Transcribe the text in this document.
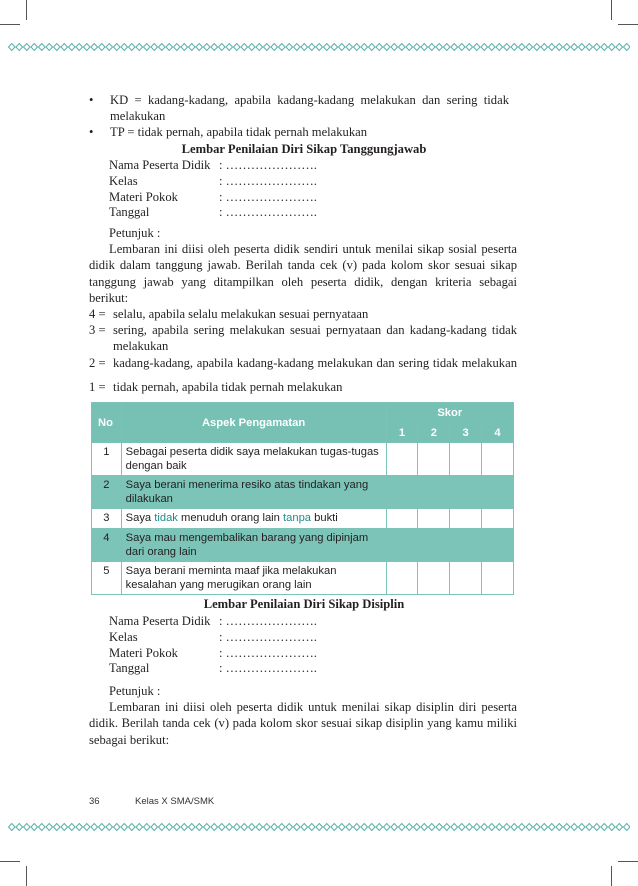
• KD = kadang-kadang, apabila kadang-kadang melakukan dan sering tidak melakukan
• TP = tidak pernah, apabila tidak pernah melakukan
Lembar Penilaian Diri Sikap Tanggungjawab
Nama Peserta Didik : ………………….
Kelas	: ………………….
Materi Pokok	: ………………….
Tanggal	: ………………….
Petunjuk :
Lembaran ini diisi oleh peserta didik sendiri untuk menilai sikap sosial peserta didik dalam tanggung jawab. Berilah tanda cek (v) pada kolom skor sesuai sikap tanggung jawab yang ditampilkan oleh peserta didik, dengan kriteria sebagai berikut:
4 = selalu, apabila selalu melakukan sesuai pernyataan
3 = sering, apabila sering melakukan sesuai pernyataan dan kadang-kadang tidak melakukan
2 = kadang-kadang, apabila kadang-kadang melakukan dan sering tidak melakukan
1 = tidak pernah, apabila tidak pernah melakukan
No	Aspek Pengamatan	Skor			
		1	2	3	4
1	Sebagai peserta didik saya melakukan tugas-tugas dengan baik				
2	Saya berani menerima resiko atas tindakan yang dilakukan				
3	Saya tidak menuduh orang lain tanpa bukti				
4	Saya mau mengembalikan barang yang dipinjam dari orang lain				
5	Saya berani meminta maaf jika melakukan kesalahan yang merugikan orang lain				
Lembar Penilaian Diri Sikap Disiplin
Nama Peserta Didik : ………………….
Kelas	: ………………….
Materi Pokok	: ………………….
Tanggal	: ………………….
Petunjuk :
Lembaran ini diisi oleh peserta didik untuk menilai sikap disiplin diri peserta didik. Berilah tanda cek (v) pada kolom skor sesuai sikap disiplin yang kamu miliki sebagai berikut:
36	Kelas X SMA/SMK
